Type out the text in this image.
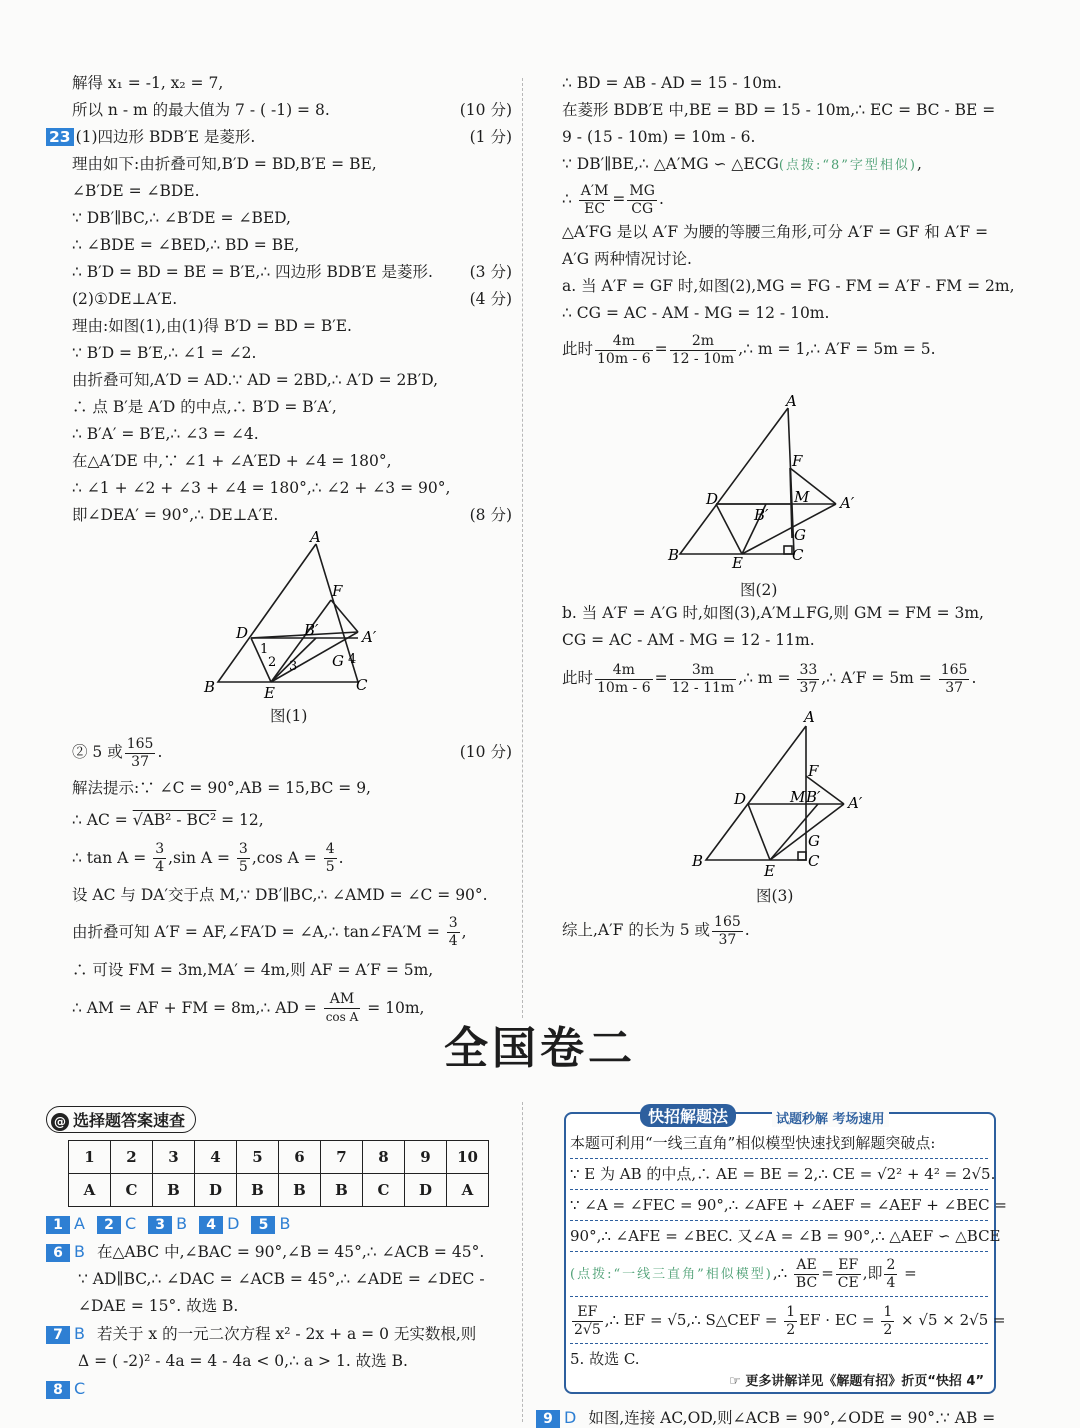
解得 x₁ = -1, x₂ = 7,
所以 n - m 的最大值为 7 - ( -1) = 8.	(10 分)
23 (1)四边形 BDB′E 是菱形.	(1 分)
理由如下:由折叠可知,B′D = BD,B′E = BE,
∠B′DE = ∠BDE.
∵ DB′∥BC,∴ ∠B′DE = ∠BED,
∴ ∠BDE = ∠BED,∴ BD = BE,
∴ B′D = BD = BE = B′E,∴ 四边形 BDB′E 是菱形. (3 分)
(2)①DE⊥A′E.	(4 分)
理由:如图(1),由(1)得 B′D = BD = B′E.
∵ B′D = B′E,∴ ∠1 = ∠2.
由折叠可知,A′D = AD.∵ AD = 2BD,∴ A′D = 2B′D,
∴ 点 B′是 A′D 的中点,∴ B′D = B′A′,
∴ B′A′ = B′E,∴ ∠3 = ∠4.
在△A′DE 中,∵ ∠1 + ∠A′ED + ∠4 = 180°,
∴ ∠1 + ∠2 + ∠3 + ∠4 = 180°,∴ ∠2 + ∠3 = 90°,
即∠DEA′ = 90°,∴ DE⊥A′E.	(8 分)
A
F
D	B′	A′
G
B	E	C
1
2 3	4
图(1)
② 5 或 $\frac{165}{37}$ .	(10 分)
解法提示:∵ ∠C = 90°,AB = 15,BC = 9,
∴ AC = √AB² - BC² = 12,
∴ $\tan A = \frac{3}{4} ,\sin$ $A = \frac{3}{5} ,\cos$ $A = \frac{4}{5}$ .
设 AC 与 DA′交于点 M,∵ DB′∥BC,∴ ∠AMD = ∠C = 90°.
由折叠可知 A′F = AF,∠FA′D = ∠A,∴ tan∠FA′M = $\frac{3}{4}$ ,
∴ 可设 FM = 3m,MA′ = 4m,则 AF = A′F = 5m,
∴ AM = AF + FM = 8m,∴ AD = $\frac{AM}{\text{cos A}} = 10m$,
∴ BD = AB - AD = 15 - 10m.
在菱形 BDB′E 中,BE = BD = 15 - 10m,∴ EC = BC - BE =
9 - (15 - 10m) = 10m - 6.
∵ DB′∥BE,∴ △A′MG ∽ △ECG(点拨:“8”字型相似),
∴ $\frac{A'M}{EC} = \frac{MG}{CG}$ .
△A′FG 是以 A′F 为腰的等腰三角形,可分 A′F = GF 和 A′F =
A′G 两种情况讨论.
a. 当 A′F = GF 时,如图(2),MG = FG - FM = A′F - FM = 2m,
∴ CG = AC - AM - MG = 12 - 10m.
此时 $\frac{4m}{10m - 6} = \frac{2m}{12 - 10m}$ ,∴ m = 1,∴ A′F = 5m = 5.
A
F
D	M A′
B′
G
B	E	C
图(2)
b. 当 A′F = A′G 时,如图(3),A′M⊥FG,则 GM = FM = 3m,
CG = AC - AM - MG = 12 - 11m.
此时 $\frac{4m}{10m - 6} = \frac{3m}{12 - 11m}$ ,∴ $m = \frac{33}{37}$ ,∴ $A'F = 5m = \frac{165}{37}$ .
A
F
D	M B′ A′
G
B
E
C
图(3)
综上,A′F 的长为 5 或 $\frac{165}{37}$ .
全国卷二
@ 选择题答案速查
1	2	3	4	5	6	7	8	9	10
A	C	B	D	B	B	B	C	D	A
1 A 2 C 3 B 4 D 5 B
6 B 在△ABC 中,∠BAC = 90°,∠B = 45°,∴ ∠ACB = 45°.
∵ AD∥BC,∴ ∠DAC = ∠ACB = 45°,∴ ∠ADE = ∠DEC -
∠DAE = 15°. 故选 B.
7 B 若关于 x 的一元二次方程 x² - 2x + a = 0 无实数根,则
Δ = ( -2)² - 4a = 4 - 4a < 0,∴ a > 1. 故选 B.
8 C
快招解题法	试题秒解 考场速用
本题可利用“一线三直角”相似模型快速找到解题突破点:
∵ E 为 AB 的中点,∴ AE = BE = 2,∴ CE = √2² + 4² = 2√5.
∵ ∠A = ∠FEC = 90°,∴ ∠AFE + ∠AEF = ∠AEF + ∠BEC =
90°,∴ ∠AFE = ∠BEC. 又∠A = ∠B = 90°,∴ △AEF ∽ △BCE
(点拨:“一线三直角”相似模型),∴ $\frac{AE}{BC} = \frac{EF}{CE}$ ,即 $\frac{2}{4}$ =
$\frac{EF}{2√5}$ ,∴ EF = √5,∴ S△CEF = $\frac{1}{2}$ EF · EC = $\frac{1}{2} \times √5 \times 2√5$ =
5. 故选 C.
☞ 更多讲解详见《解题有招》折页“快招 4”
9 D 如图,连接 AC,OD,则∠ACB = 90°,∠ODE = 90°.∵ AB =
